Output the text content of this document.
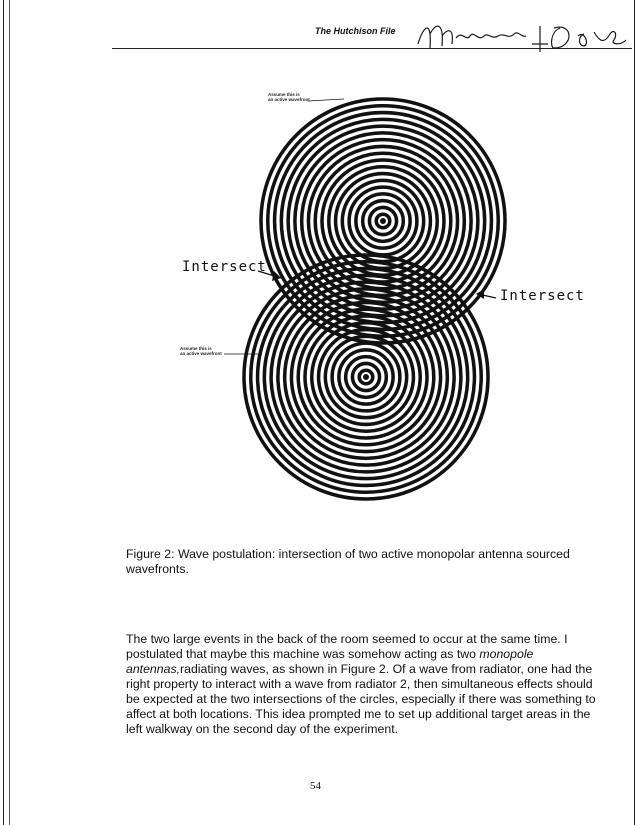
The Hutchison File
Assume this is
an active wavefront
Assume this is
an active wavefront
Intersect
Intersect
Figure 2: Wave postulation: intersection of two active monopolar antenna sourced wavefronts.
The two large events in the back of the room seemed to occur at the same time. I postulated that maybe this machine was somehow acting as two monopole antennas,radiating waves, as shown in Figure 2. Of a wave from radiator, one had the right property to interact with a wave from radiator 2, then simultaneous effects should be expected at the two intersections of the circles, especially if there was something to affect at both locations. This idea prompted me to set up additional target areas in the left walkway on the second day of the experiment.
54
